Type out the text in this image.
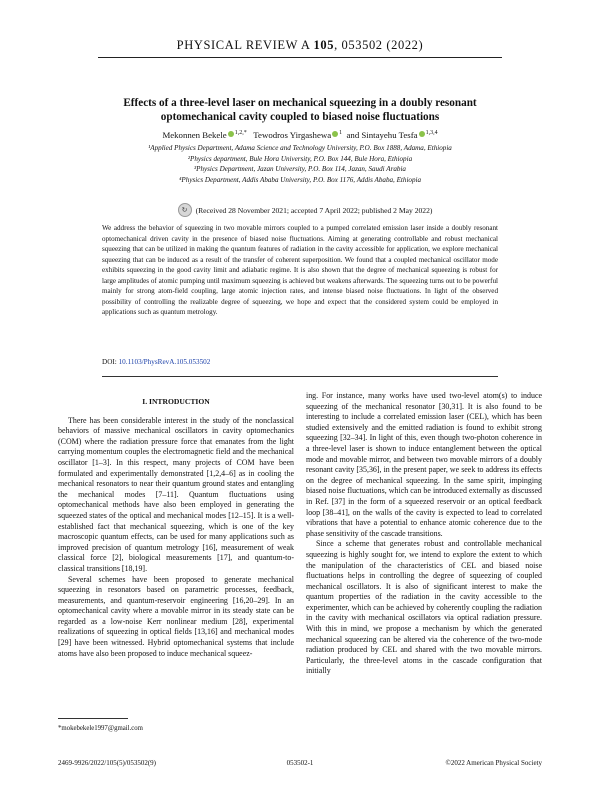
PHYSICAL REVIEW A 105, 053502 (2022)
Effects of a three-level laser on mechanical squeezing in a doubly resonant
optomechanical cavity coupled to biased noise fluctuations
Mekonnen Bekele $^{1,2,*}$ Tewodros Yirgashewa $^1$ and Sintayehu Tesfa $^{1,3,4}$
¹Applied Physics Department, Adama Science and Technology University, P.O. Box 1888, Adama, Ethiopia
²Physics department, Bule Hora University, P.O. Box 144, Bule Hora, Ethiopia
³Physics Department, Jazan University, P.O. Box 114, Jazan, Saudi Arabia
⁴Physics Department, Addis Ababa University, P.O. Box 1176, Addis Ababa, Ethiopia
↻	(Received 28 November 2021; accepted 7 April 2022; published 2 May 2022)
We address the behavior of squeezing in two movable mirrors coupled to a pumped correlated emission laser inside a doubly resonant optomechanical driven cavity in the presence of biased noise fluctuations. Aiming at generating controllable and robust mechanical squeezing that can be utilized in making the quantum features of radiation in the cavity accessible for application, we explore mechanical squeezing that can be induced as a result of the transfer of coherent superposition. We found that a coupled mechanical oscillator mode exhibits squeezing in the good cavity limit and adiabatic regime. It is also shown that the degree of mechanical squeezing is robust for large amplitudes of atomic pumping until maximum squeezing is achieved but weakens afterwards. The squeezing turns out to be powerful mainly for strong atom-field coupling, large atomic injection rates, and intense biased noise fluctuations. In light of the observed possibility of controlling the realizable degree of squeezing, we hope and expect that the considered system could be employed in applications such as quantum metrology.
DOI: 10.1103/PhysRevA.105.053502

I. INTRODUCTION

There has been considerable interest in the study of the nonclassical behaviors of massive mechanical oscillators in cavity optomechanics (COM) where the radiation pressure force that emanates from the light carrying momentum couples the electromagnetic field and the mechanical oscillator [1–3]. In this respect, many projects of COM have been formulated and experimentally demonstrated [1,2,4–6] as in cooling the mechanical resonators to near their quantum ground states and entangling the mechanical modes [7–11]. Quantum fluctuations using optomechanical methods have also been employed in generating the squeezed states of the optical and mechanical modes [12–15]. It is a well-established fact that mechanical squeezing, which is one of the key macroscopic quantum effects, can be used for many applications such as improved precision of quantum metrology [16], measurement of weak classical force [2], biological measurements [17], and quantum-to-classical transitions [18,19].

Several schemes have been proposed to generate mechanical squeezing in resonators based on parametric processes, feedback, measurements, and quantum-reservoir engineering [16,20–29]. In an optomechanical cavity where a movable mirror in its steady state can be regarded as a low-noise Kerr nonlinear medium [28], experimental realizations of squeezing in optical fields [13,16] and mechanical modes [29] have been witnessed. Hybrid optomechanical systems that include atoms have also been proposed to induce mechanical squeez-

ing. For instance, many works have used two-level atom(s) to induce squeezing of the mechanical resonator [30,31]. It is also found to be interesting to include a correlated emission laser (CEL), which has been studied extensively and the emitted radiation is found to exhibit strong squeezing [32–34]. In light of this, even though two-photon coherence in a three-level laser is shown to induce entanglement between the optical mode and movable mirror, and between two movable mirrors of a doubly resonant cavity [35,36], in the present paper, we seek to address its effects on the degree of mechanical squeezing. In the same spirit, impinging biased noise fluctuations, which can be introduced externally as discussed in Ref. [37] in the form of a squeezed reservoir or an optical feedback loop [38–41], on the walls of the cavity is expected to lead to correlated vibrations that have a potential to enhance atomic coherence due to the phase sensitivity of the cascade transitions.

Since a scheme that generates robust and controllable mechanical squeezing is highly sought for, we intend to explore the extent to which the manipulation of the characteristics of CEL and biased noise fluctuations helps in controlling the degree of squeezing of coupled mechanical oscillators. It is also of significant interest to make the quantum properties of the radiation in the cavity accessible to the experimenter, which can be achieved by coherently coupling the radiation in the cavity with mechanical oscillators via optical radiation pressure. With this in mind, we propose a mechanism by which the generated mechanical squeezing can be altered via the coherence of the two-mode radiation produced by CEL and shared with the two movable mirrors. Particularly, the three-level atoms in the cascade configuration that initially

*mokebekele1997@gmail.com
2469-9926/2022/105(5)/053502(9)	053502-1	©2022 American Physical Society
